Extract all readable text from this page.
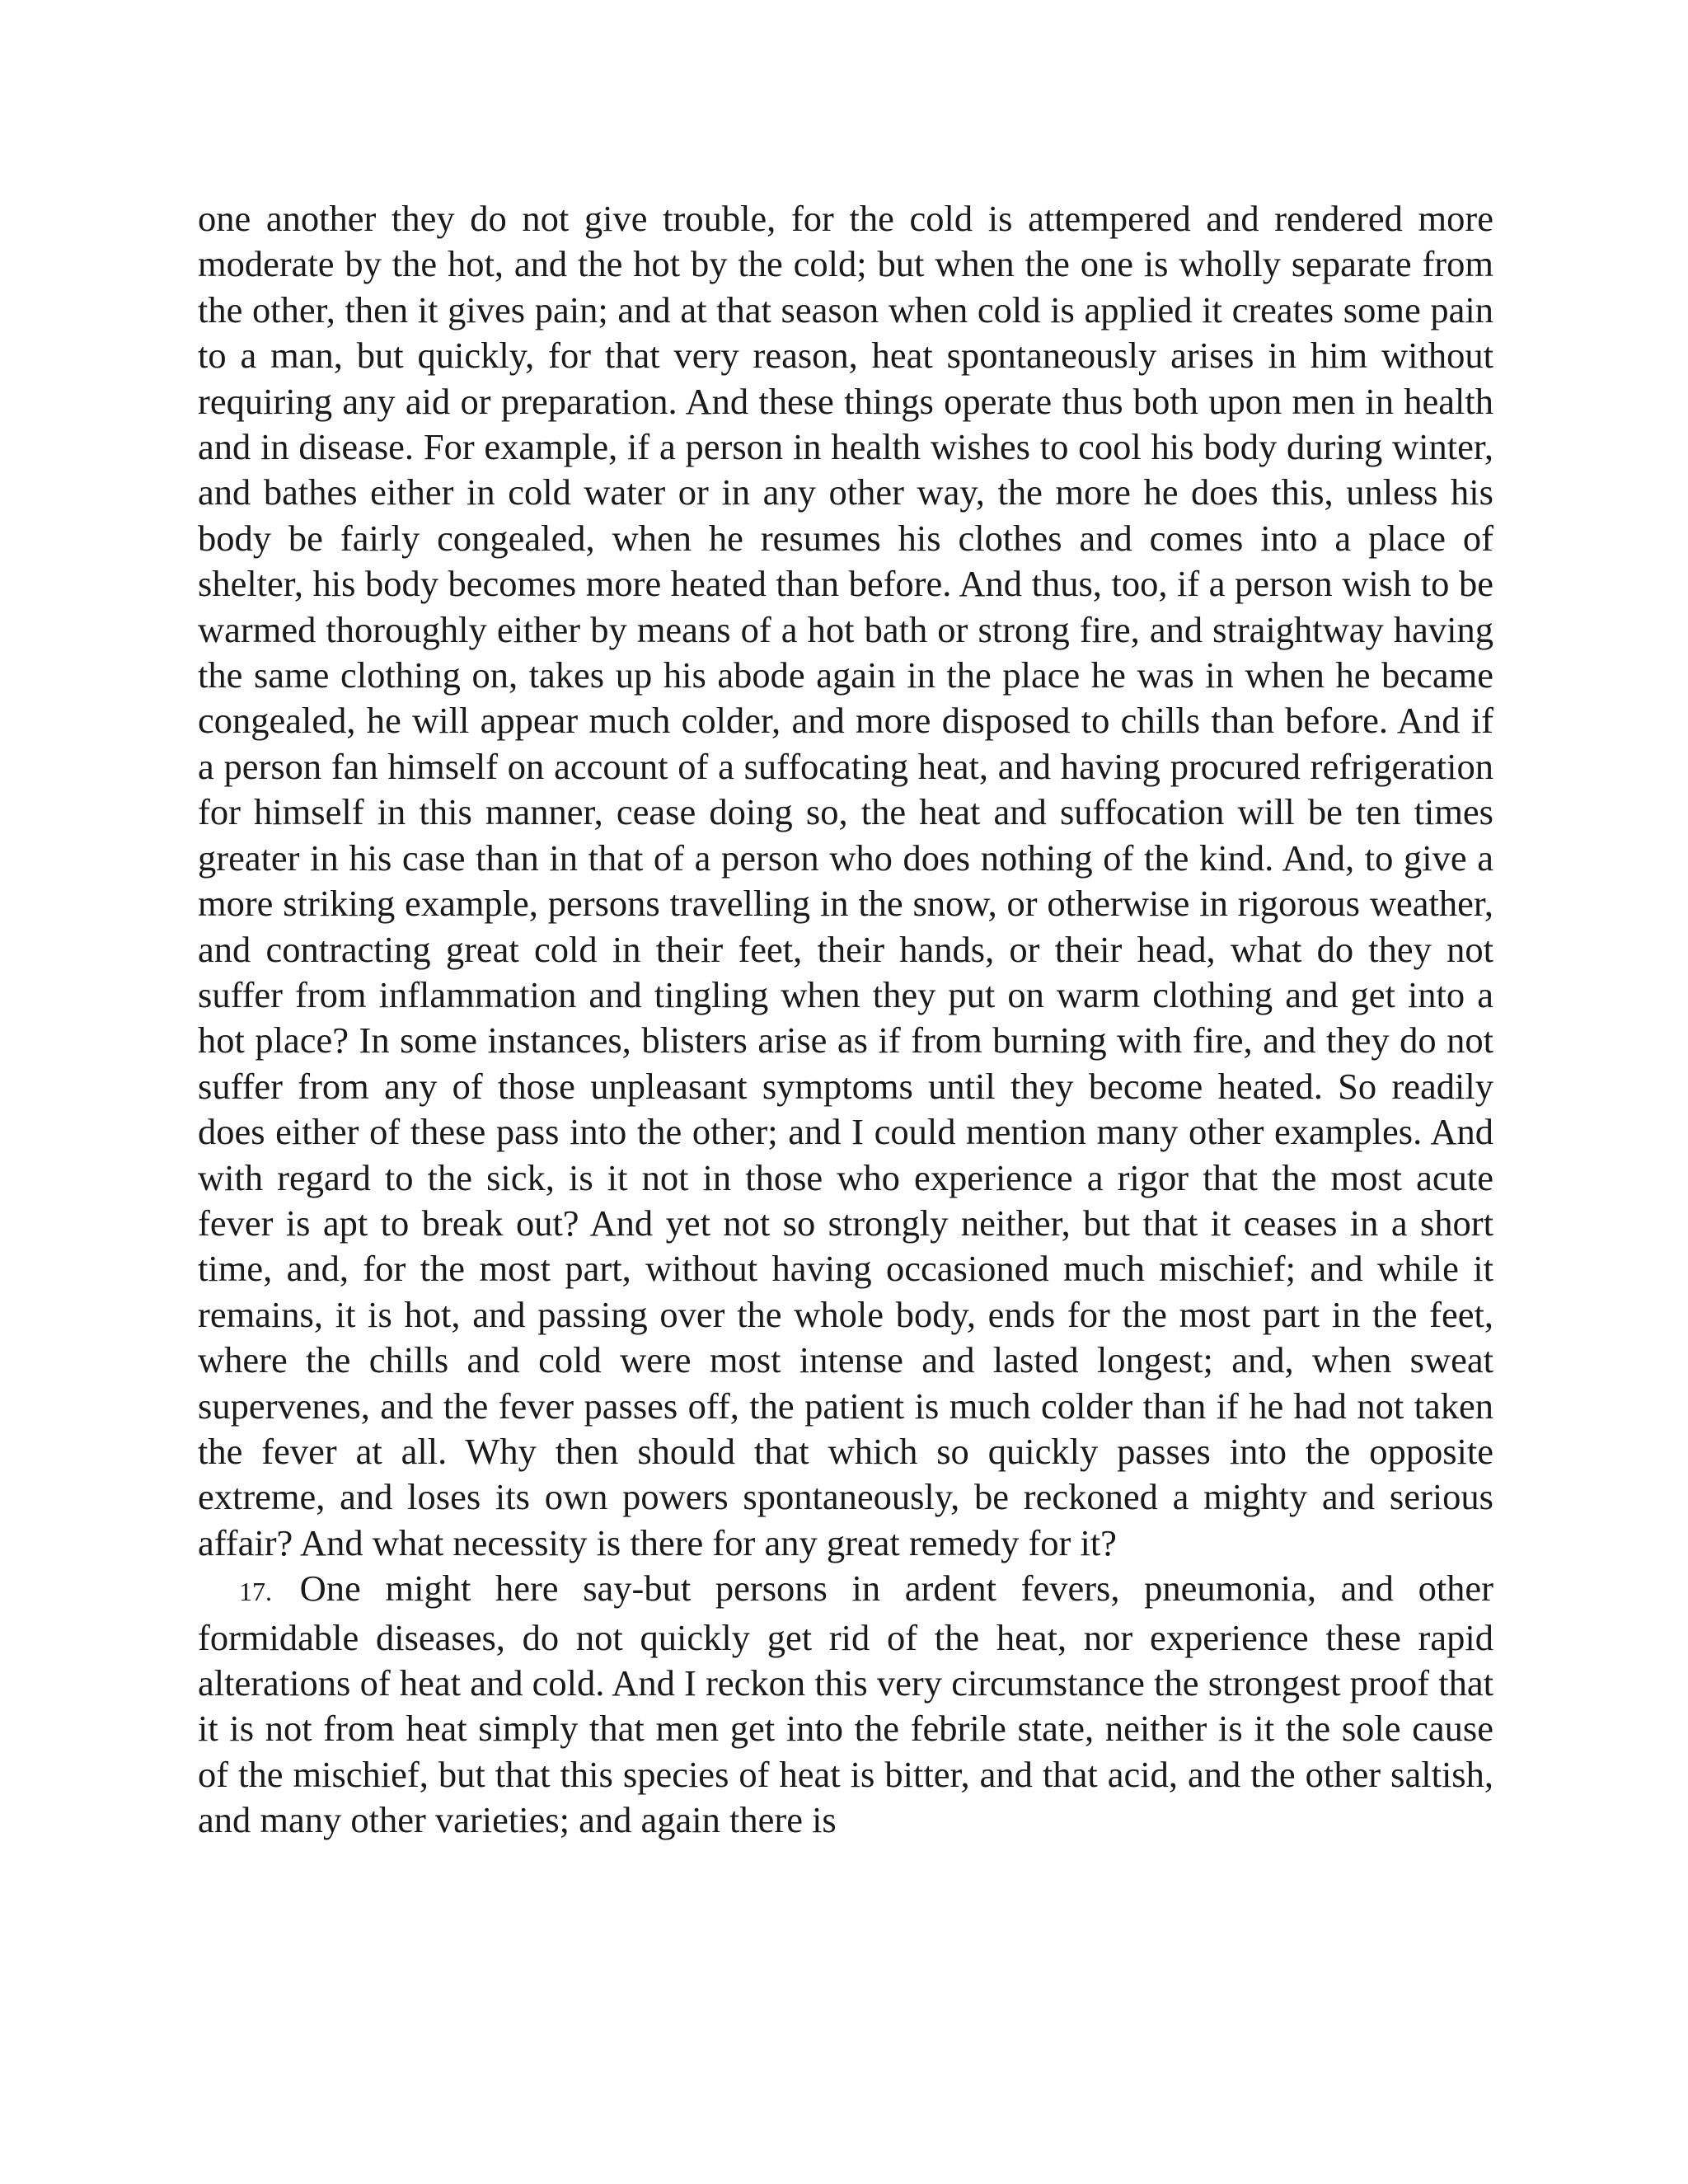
one another they do not give trouble, for the cold is attempered and rendered more moderate by the hot, and the hot by the cold; but when the one is wholly separate from the other, then it gives pain; and at that season when cold is applied it creates some pain to a man, but quickly, for that very reason, heat spontaneously arises in him without requiring any aid or preparation. And these things operate thus both upon men in health and in disease. For example, if a person in health wishes to cool his body during winter, and bathes either in cold water or in any other way, the more he does this, unless his body be fairly congealed, when he resumes his clothes and comes into a place of shelter, his body becomes more heated than before. And thus, too, if a person wish to be warmed thoroughly either by means of a hot bath or strong fire, and straightway having the same clothing on, takes up his abode again in the place he was in when he became congealed, he will appear much colder, and more disposed to chills than before. And if a person fan himself on account of a suffocating heat, and having procured refrigeration for himself in this manner, cease doing so, the heat and suffocation will be ten times greater in his case than in that of a person who does nothing of the kind. And, to give a more striking example, persons travelling in the snow, or otherwise in rigorous weather, and contracting great cold in their feet, their hands, or their head, what do they not suffer from inflammation and tingling when they put on warm clothing and get into a hot place? In some instances, blisters arise as if from burning with fire, and they do not suffer from any of those unpleasant symptoms until they become heated. So readily does either of these pass into the other; and I could mention many other examples. And with regard to the sick, is it not in those who experience a rigor that the most acute fever is apt to break out? And yet not so strongly neither, but that it ceases in a short time, and, for the most part, without having occasioned much mischief; and while it remains, it is hot, and passing over the whole body, ends for the most part in the feet, where the chills and cold were most intense and lasted longest; and, when sweat supervenes, and the fever passes off, the patient is much colder than if he had not taken the fever at all. Why then should that which so quickly passes into the opposite extreme, and loses its own powers spontaneously, be reckoned a mighty and serious affair? And what necessity is there for any great remedy for it?

17. One might here say-but persons in ardent fevers, pneumonia, and other formidable diseases, do not quickly get rid of the heat, nor experience these rapid alterations of heat and cold. And I reckon this very circumstance the strongest proof that it is not from heat simply that men get into the febrile state, neither is it the sole cause of the mischief, but that this species of heat is bitter, and that acid, and the other saltish, and many other varieties; and again there is
